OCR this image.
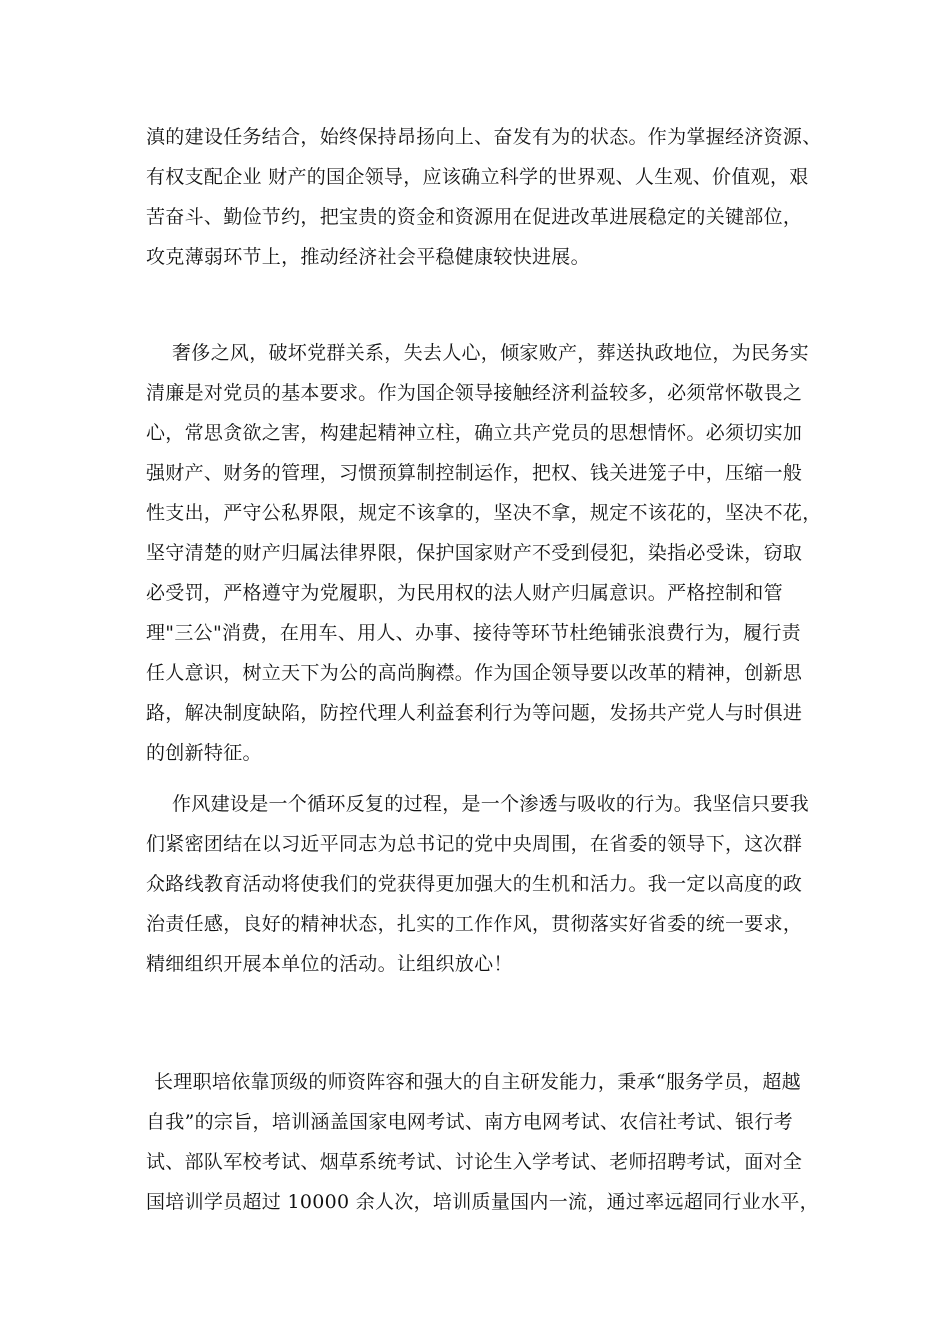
滇的建设任务结合，始终保持昂扬向上、奋发有为的状态。作为掌握经济资源、
有权支配企业 财产的国企领导，应该确立科学的世界观、人生观、价值观，艰
苦奋斗、勤俭节约，把宝贵的资金和资源用在促进改革进展稳定的关键部位，
攻克薄弱环节上，推动经济社会平稳健康较快进展。
奢侈之风，破坏党群关系，失去人心，倾家败产，葬送执政地位，为民务实
清廉是对党员的基本要求。作为国企领导接触经济利益较多，必须常怀敬畏之
心，常思贪欲之害，构建起精神立柱，确立共产党员的思想情怀。必须切实加
强财产、财务的管理，习惯预算制控制运作，把权、钱关进笼子中，压缩一般
性支出，严守公私界限，规定不该拿的，坚决不拿，规定不该花的，坚决不花，
坚守清楚的财产归属法律界限，保护国家财产不受到侵犯，染指必受诛，窃取
必受罚，严格遵守为党履职，为民用权的法人财产归属意识。严格控制和管
理"三公"消费，在用车、用人、办事、接待等环节杜绝铺张浪费行为，履行责
任人意识，树立天下为公的高尚胸襟。作为国企领导要以改革的精神，创新思
路，解决制度缺陷，防控代理人利益套利行为等问题，发扬共产党人与时俱进
的创新特征。
作风建设是一个循环反复的过程，是一个渗透与吸收的行为。我坚信只要我
们紧密团结在以习近平同志为总书记的党中央周围，在省委的领导下，这次群
众路线教育活动将使我们的党获得更加强大的生机和活力。我一定以高度的政
治责任感，良好的精神状态，扎实的工作作风，贯彻落实好省委的统一要求，
精细组织开展本单位的活动。让组织放心！
长理职培依靠顶级的师资阵容和强大的自主研发能力，秉承“服务学员，超越
自我”的宗旨，培训涵盖国家电网考试、南方电网考试、农信社考试、银行考
试、部队军校考试、烟草系统考试、讨论生入学考试、老师招聘考试，面对全
国培训学员超过 10000 余人次，培训质量国内一流，通过率远超同行业水平，
